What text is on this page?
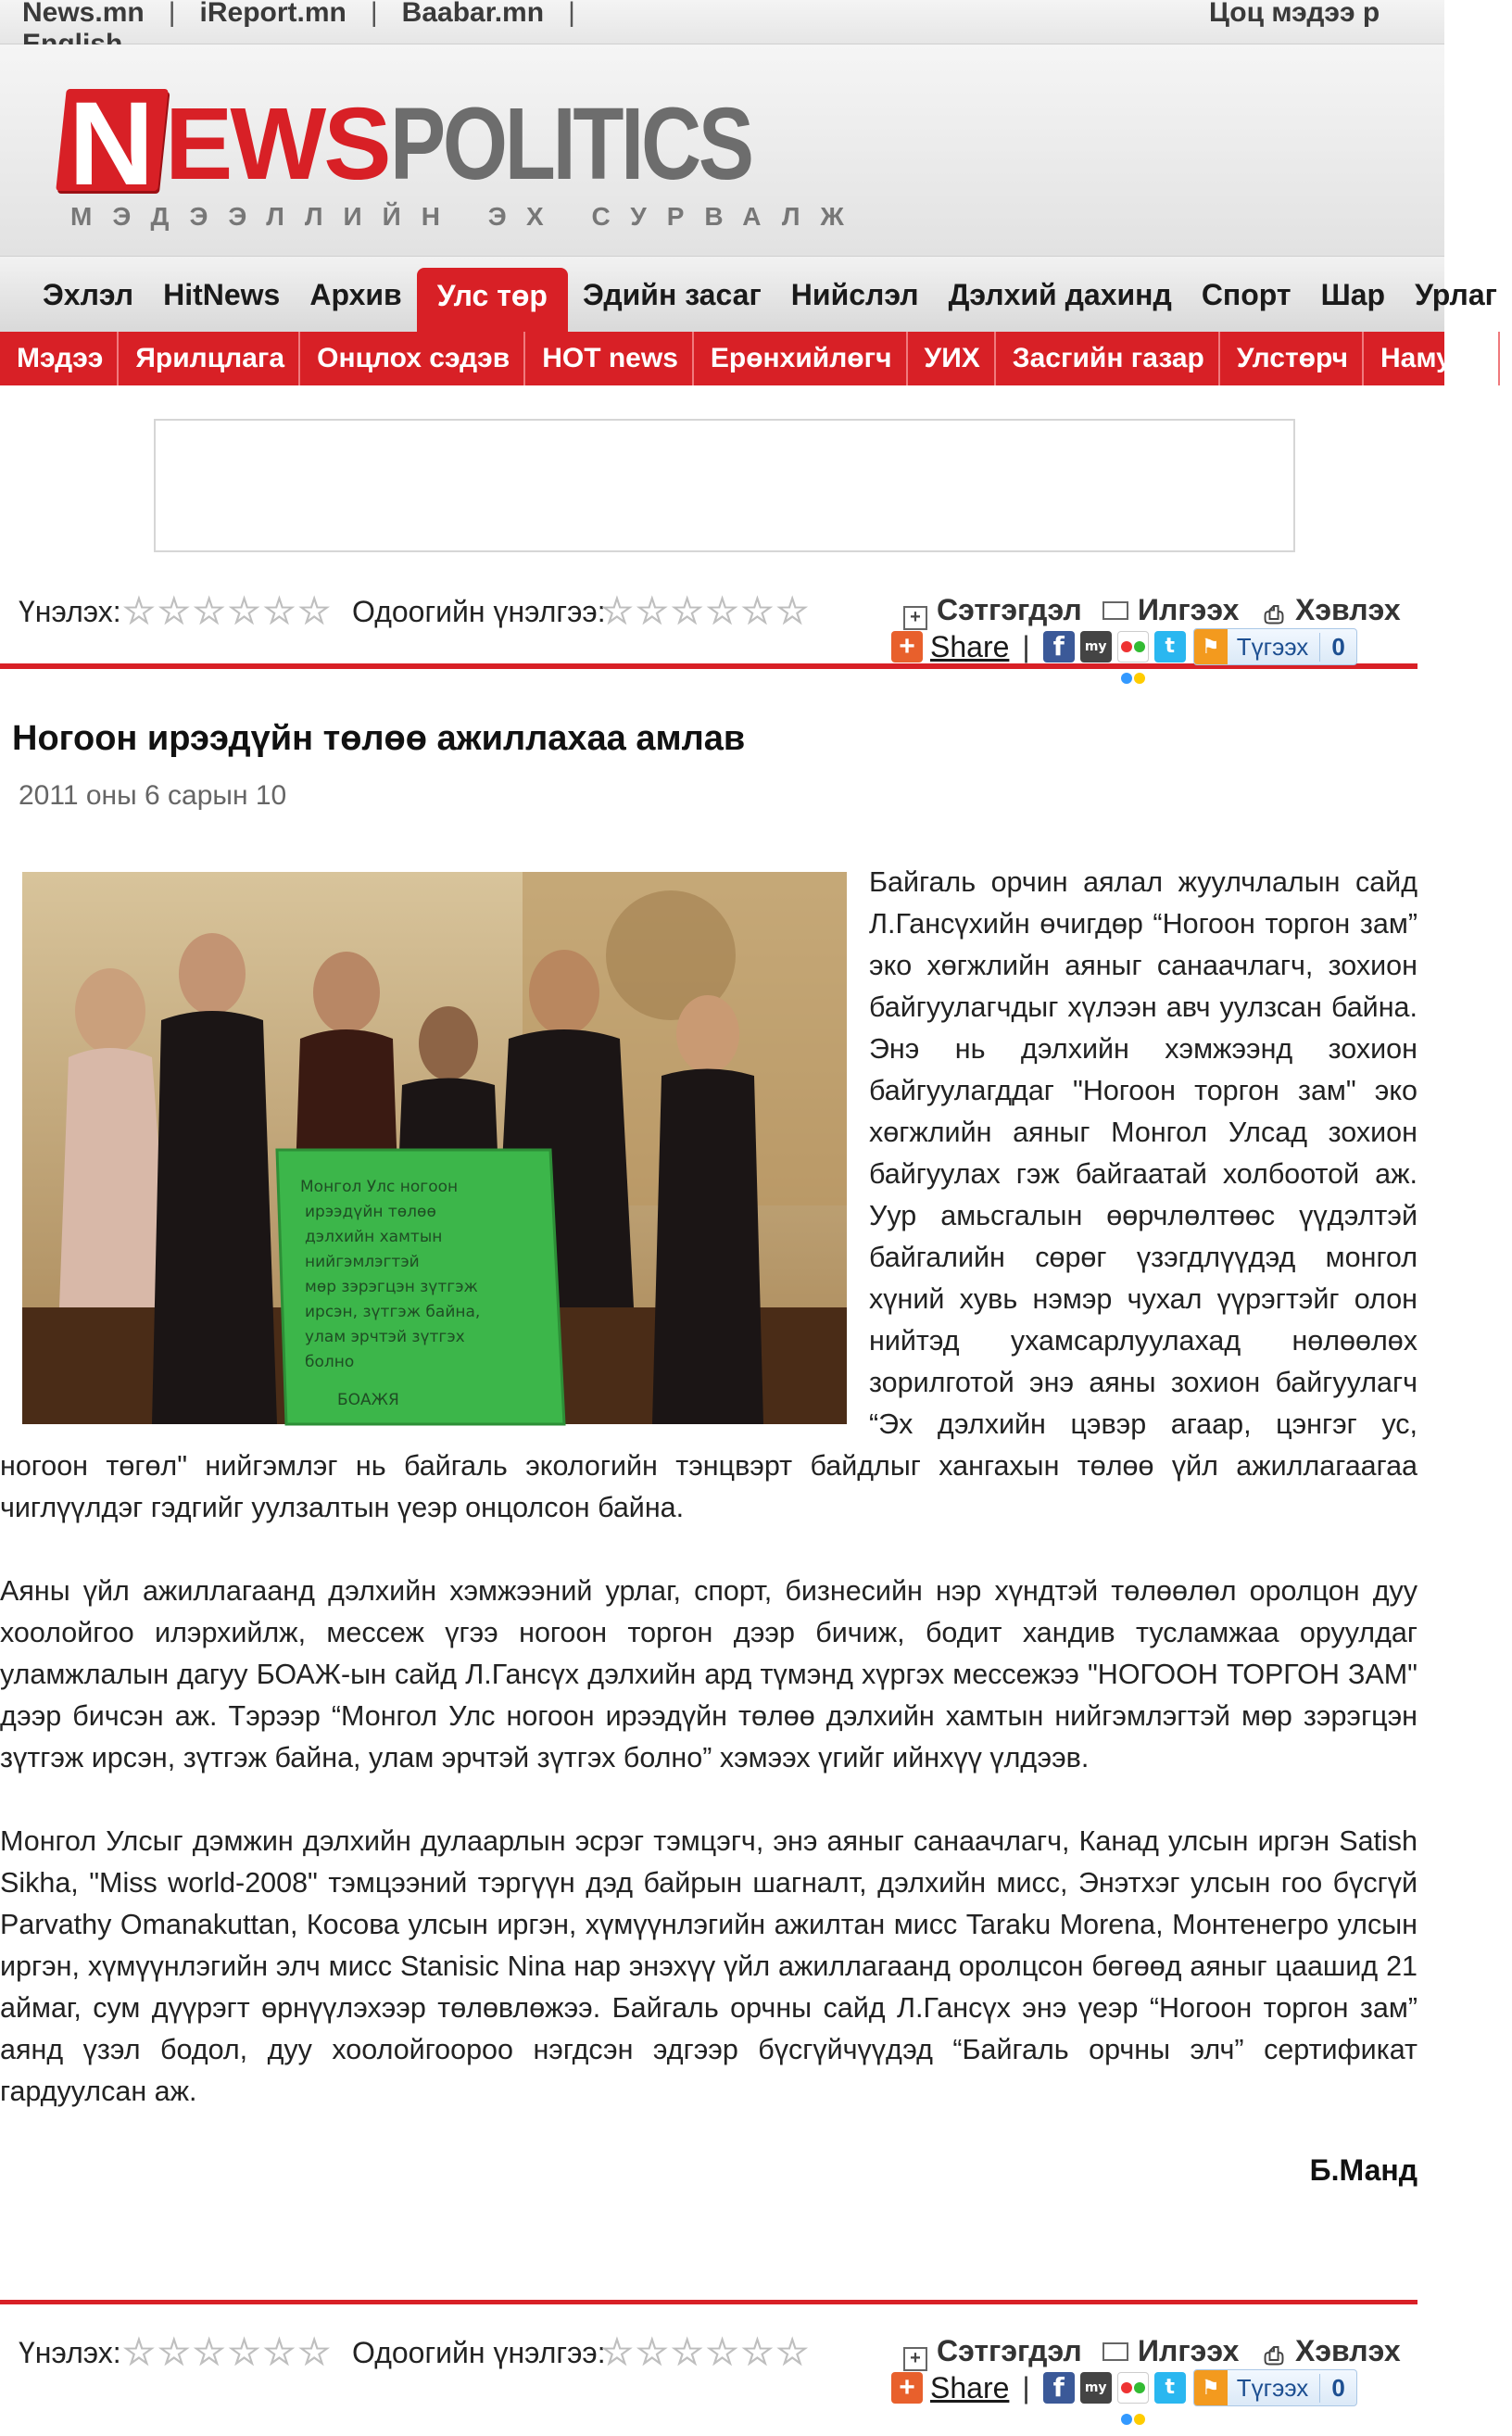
News.mn | iReport.mn | Baabar.mn |	Цоц мэдээ р
N EWS POLITICS
МЭДЭЭЛЛИЙН ЭХ СУРВАЛЖ
Эхлэл HitNews Архив Улс төр Эдийн засаг Нийслэл Дэлхий дахинд Спорт Шар Урлаг
Мэдээ Ярилцлага Онцлох сэдэв HOT news Ерөнхийлөгч УИХ Засгийн газар Улстөрч Намууд
Үнэлэх: ☆ ☆ ☆ ☆ ☆ ☆ Одоогийн үнэлгээ:
☆ ☆ ☆ ☆ ☆ ☆	+ Сэтгэгдэл	Илгээх ⎙ Хэвлэх
+ Share | f	my	t	⚑ Түгээх 0
Ногоон ирээдүйн төлөө ажиллахаа амлав
2011 оны 6 сарын 10

Байгаль орчин аялал жуулчлалын сайд Л.Гансүхийн өчигдөр “Ногоон торгон зам” эко хөгжлийн аяныг санаачлагч, зохион байгуулагчдыг хүлээн авч уулзсан байна. Энэ нь дэлхийн хэмжээнд зохион байгуулагддаг "Ногоон торгон зам" эко хөгжлийн аяныг Монгол Улсад зохион байгуулах гэж байгаатай холбоотой аж. Уур амьсгалын өөрчлөлтөөс үүдэлтэй байгалийн сөрөг үзэгдлүүдэд монгол хүний хувь нэмэр чухал үүрэгтэйг олон нийтэд ухамсарлуулахад нөлөөлөх зорилготой энэ аяны зохион байгуулагч “Эх дэлхийн цэвэр агаар, цэнгэг ус, ногоон төгөл" нийгэмлэг нь байгаль экологийн тэнцвэрт байдлыг хангахын төлөө үйл ажиллагаагаа чиглүүлдэг гэдгийг уулзалтын үеэр онцолсон байна.

Аяны үйл ажиллагаанд дэлхийн хэмжээний урлаг, спорт, бизнесийн нэр хүндтэй төлөөлөл оролцон дуу хоолойгоо илэрхийлж, мессеж үгээ ногоон торгон дээр бичиж, бодит хандив тусламжаа оруулдаг уламжлалын дагуу БОАЖ-ын сайд Л.Гансүх дэлхийн ард түмэнд хүргэх мессежээ "НОГООН ТОРГОН ЗАМ" дээр бичсэн аж. Тэрээр “Монгол Улс ногоон ирээдүйн төлөө дэлхийн хамтын нийгэмлэгтэй мөр зэрэгцэн зүтгэж ирсэн, зүтгэж байна, улам эрчтэй зүтгэх болно” хэмээх үгийг ийнхүү үлдээв.

Монгол Улсыг дэмжин дэлхийн дулаарлын эсрэг тэмцэгч, энэ аяныг санаачлагч, Канад улсын иргэн Satish Sikha, "Miss world-2008" тэмцээний тэргүүн дэд байрын шагналт, дэлхийн мисс, Энэтхэг улсын гоо бүсгүй Parvathy Omanakuttan, Косова улсын иргэн, хүмүүнлэгийн ажилтан мисс Taraku Morena, Монтенегро улсын иргэн, хүмүүнлэгийн элч мисс Stanisic Nina нар энэхүү үйл ажиллагаанд оролцсон бөгөөд аяныг цаашид 21 аймаг, сум дүүрэгт өрнүүлэхээр төлөвлөжээ. Байгаль орчны сайд Л.Гансүх энэ үеэр “Ногоон торгон зам” аянд үзэл бодол, дуу хоолойгоороо нэгдсэн эдгээр бүсгүйчүүдэд “Байгаль орчны элч” сертификат гардуулсан аж.

Монгол Улс ногоон
ирээдүйн төлөө
дэлхийн хамтын
нийгэмлэгтэй
мөр зэрэгцэн зүтгэж
ирсэн, зүтгэж байна,
улам эрчтэй зүтгэх
болно
БОАЖЯ
Б.Манд
Үнэлэх: ☆ ☆ ☆ ☆ ☆ ☆ Одоогийн үнэлгээ:
☆ ☆ ☆ ☆ ☆ ☆	+ Сэтгэгдэл	Илгээх ⎙ Хэвлэх
+ Share | f	my	t	⚑ Түгээх 0
